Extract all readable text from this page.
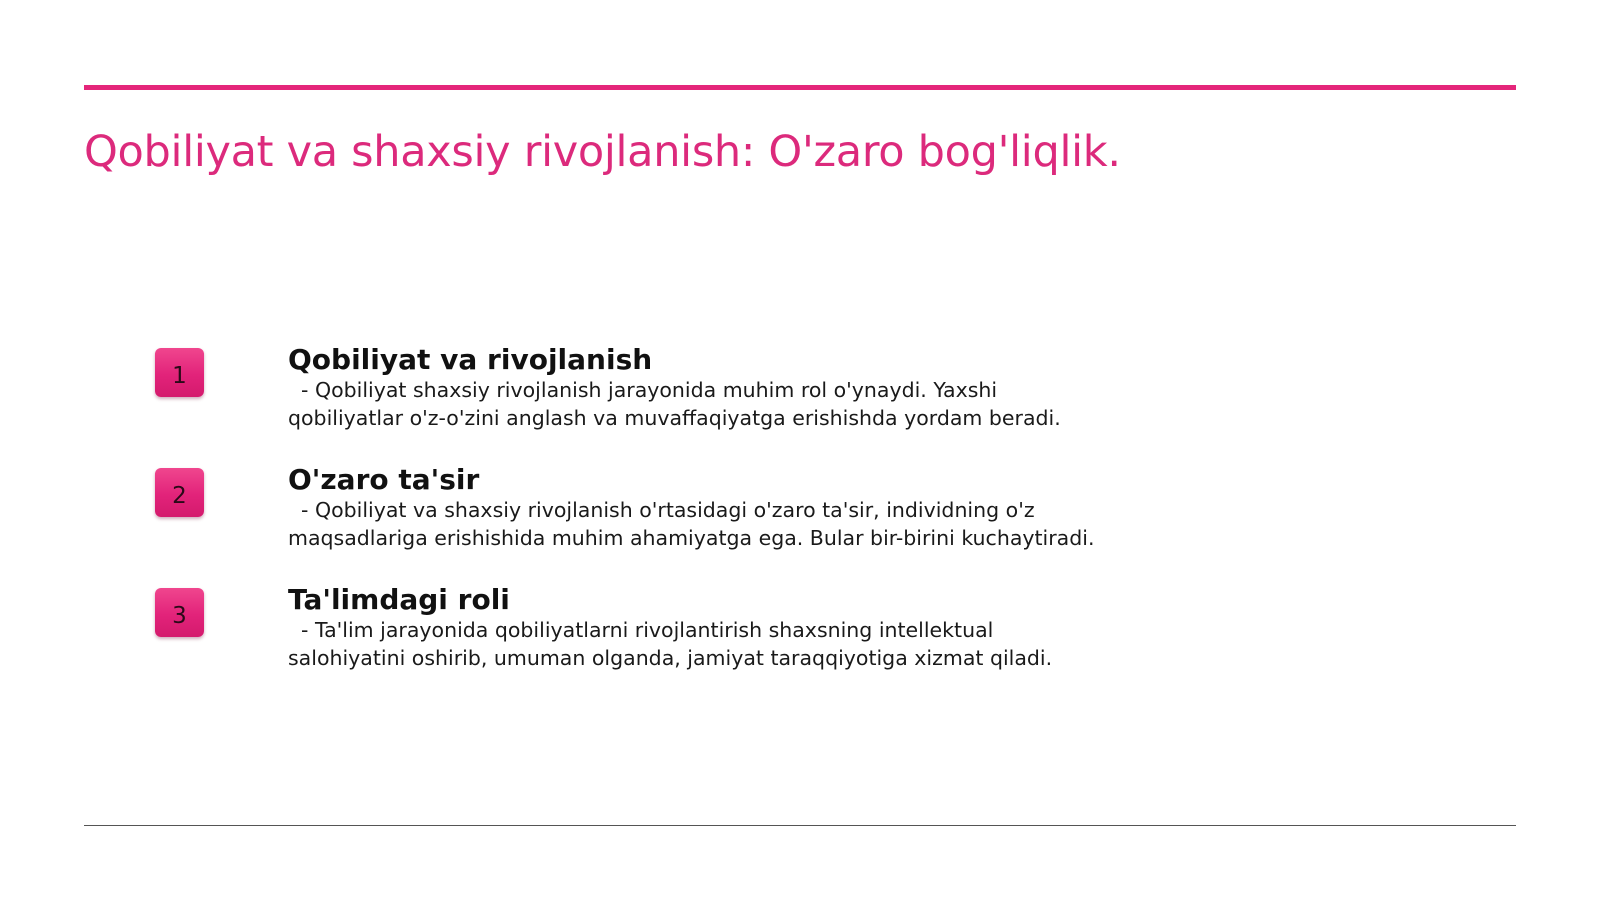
Qobiliyat va shaxsiy rivojlanish: O'zaro bog'liqlik.
1	Qobiliyat va rivojlanish

- Qobiliyat shaxsiy rivojlanish jarayonida muhim rol o'ynaydi. Yaxshi qobiliyatlar o'z-o'zini anglash va muvaffaqiyatga erishishda yordam beradi.

2	O'zaro ta'sir

- Qobiliyat va shaxsiy rivojlanish o'rtasidagi o'zaro ta'sir, individning o'z maqsadlariga erishishida muhim ahamiyatga ega. Bular bir-birini kuchaytiradi.

3	Ta'limdagi roli

- Ta'lim jarayonida qobiliyatlarni rivojlantirish shaxsning intellektual salohiyatini oshirib, umuman olganda, jamiyat taraqqiyotiga xizmat qiladi.
